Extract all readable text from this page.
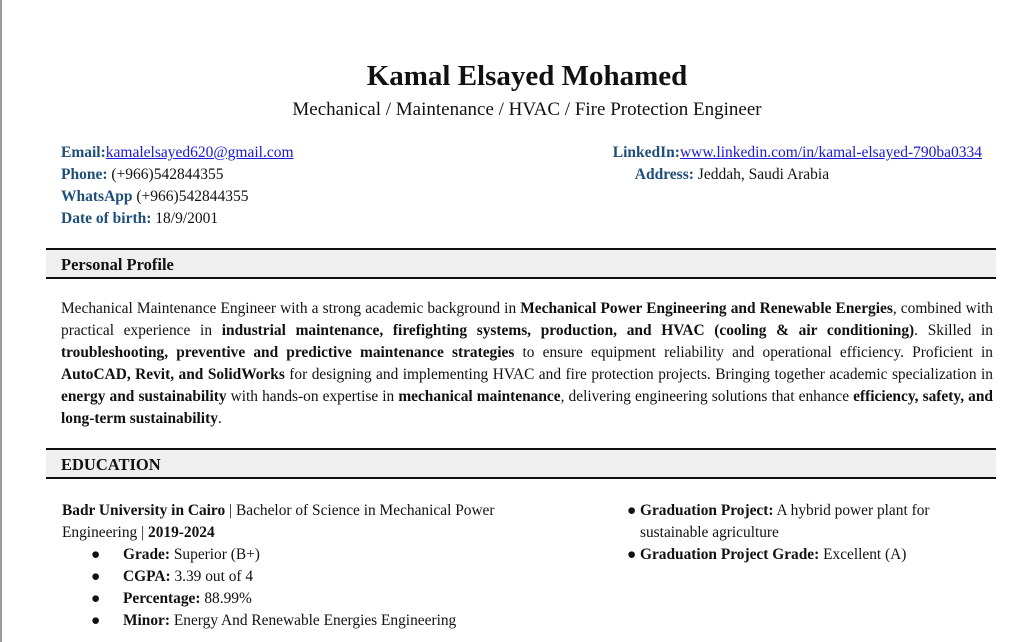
Kamal Elsayed Mohamed
Mechanical / Maintenance / HVAC / Fire Protection Engineer
Email:kamalelsayed620@gmail.com
Phone: (+966)542844355
WhatsApp (+966)542844355
Date of birth: 18/9/2001
LinkedIn:www.linkedin.com/in/kamal-elsayed-790ba0334
Address: Jeddah, Saudi Arabia
Personal Profile

Mechanical Maintenance Engineer with a strong academic background in Mechanical Power Engineering and Renewable Energies, combined with practical experience in industrial maintenance, firefighting systems, production, and HVAC (cooling & air conditioning). Skilled in troubleshooting, preventive and predictive maintenance strategies to ensure equipment reliability and operational efficiency. Proficient in AutoCAD, Revit, and SolidWorks for designing and implementing HVAC and fire protection projects. Bringing together academic specialization in energy and sustainability with hands-on expertise in mechanical maintenance, delivering engineering solutions that enhance efficiency, safety, and long-term sustainability.

EDUCATION
Badr University in Cairo | Bachelor of Science in Mechanical Power Engineering | 2019-2024
● Grade: Superior (B+)
● CGPA: 3.39 out of 4
● Percentage: 88.99%
● Minor: Energy And Renewable Energies Engineering
● Graduation Project: A hybrid power plant for sustainable agriculture
● Graduation Project Grade: Excellent (A)
